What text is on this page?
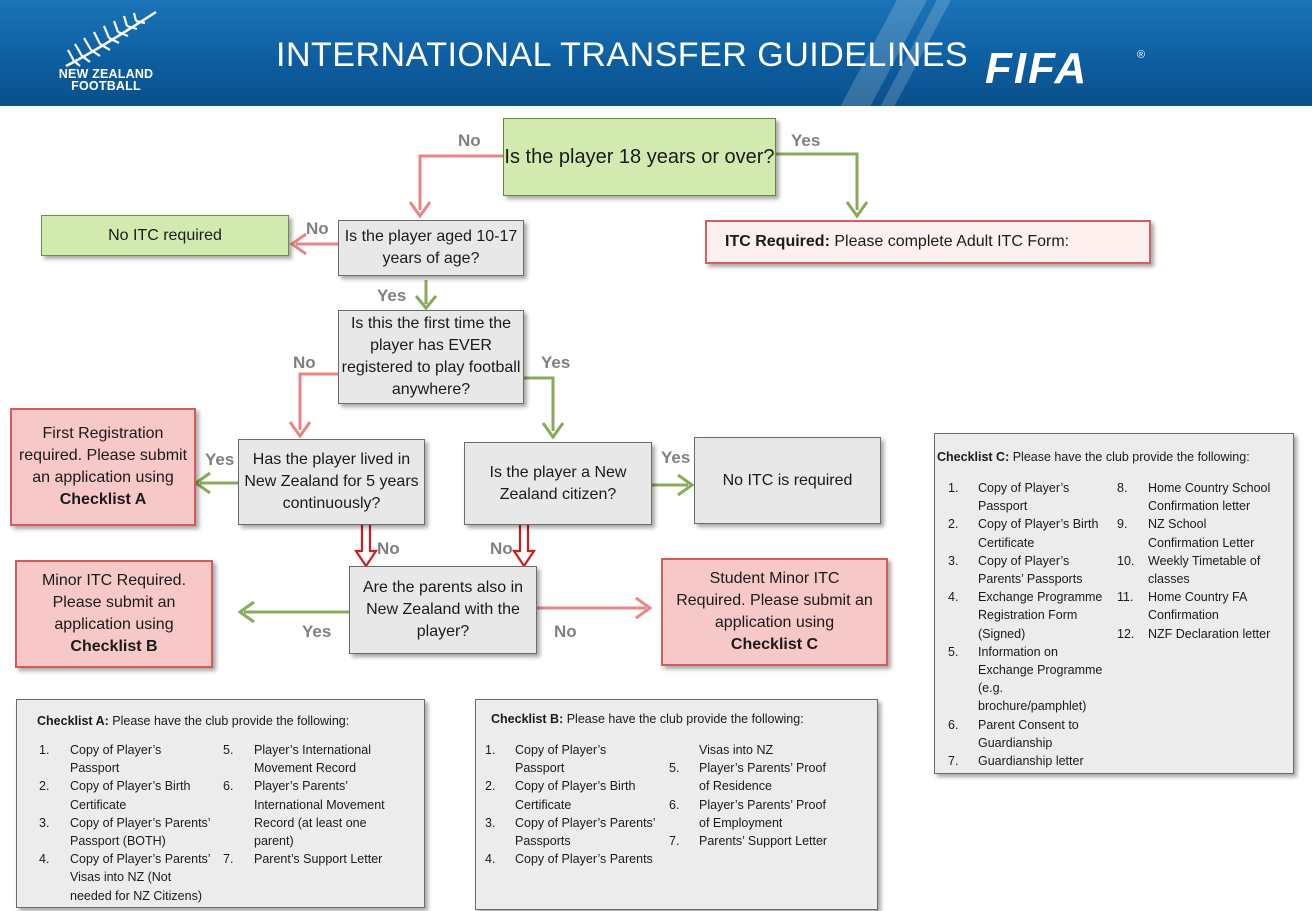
NEW ZEALAND FOOTBALL
INTERNATIONAL TRANSFER GUIDELINES FIFA	®
Is the player 18 years or over?
ITC Required: Please complete Adult ITC Form:
No ITC required	Is the player aged 10-17 years of age?
Is this the first time the player has EVER registered to play football anywhere?
First Registration required. Please submit an application using
Checklist A
Has the player lived in New Zealand for 5 years continuously?
Is the player a New Zealand citizen?
No ITC is required
Are the parents also in New Zealand with the player?
Minor ITC Required. Please submit an application using
Checklist B
Student Minor ITC Required. Please submit an application using
Checklist C
No	Yes
No
Yes
No	Yes
Yes	Yes
No	No
Yes	No
Checklist A: Please have the club provide the following:
1. Copy of Player’s
Passport
2. Copy of Player’s Birth
Certificate
3. Copy of Player’s Parents’
Passport (BOTH)
4. Copy of Player’s Parents’
Visas into NZ (Not
needed for NZ Citizens)
5. Player’s International
Movement Record
6. Player’s Parents’
International Movement
Record (at least one
parent)
7. Parent’s Support Letter
Checklist B: Please have the club provide the following:
Visas into NZ
1. Copy of Player’s
Passport
2. Copy of Player’s Birth
Certificate
3. Copy of Player’s Parents’
Passports
4. Copy of Player’s Parents
5. Player’s Parents’ Proof
of Residence
6. Player’s Parents’ Proof
of Employment
7. Parents’ Support Letter
Checklist C: Please have the club provide the following:
1. Copy of Player’s
Passport
2. Copy of Player’s Birth
Certificate
3. Copy of Player’s
Parents’ Passports
4. Exchange Programme
Registration Form
(Signed)
5. Information on
Exchange Programme
(e.g.
brochure/pamphlet)
6. Parent Consent to
Guardianship
7. Guardianship letter
8. Home Country School
Confirmation letter
9. NZ School
Confirmation Letter
10. Weekly Timetable of
classes
11. Home Country FA
Confirmation
12. NZF Declaration letter
